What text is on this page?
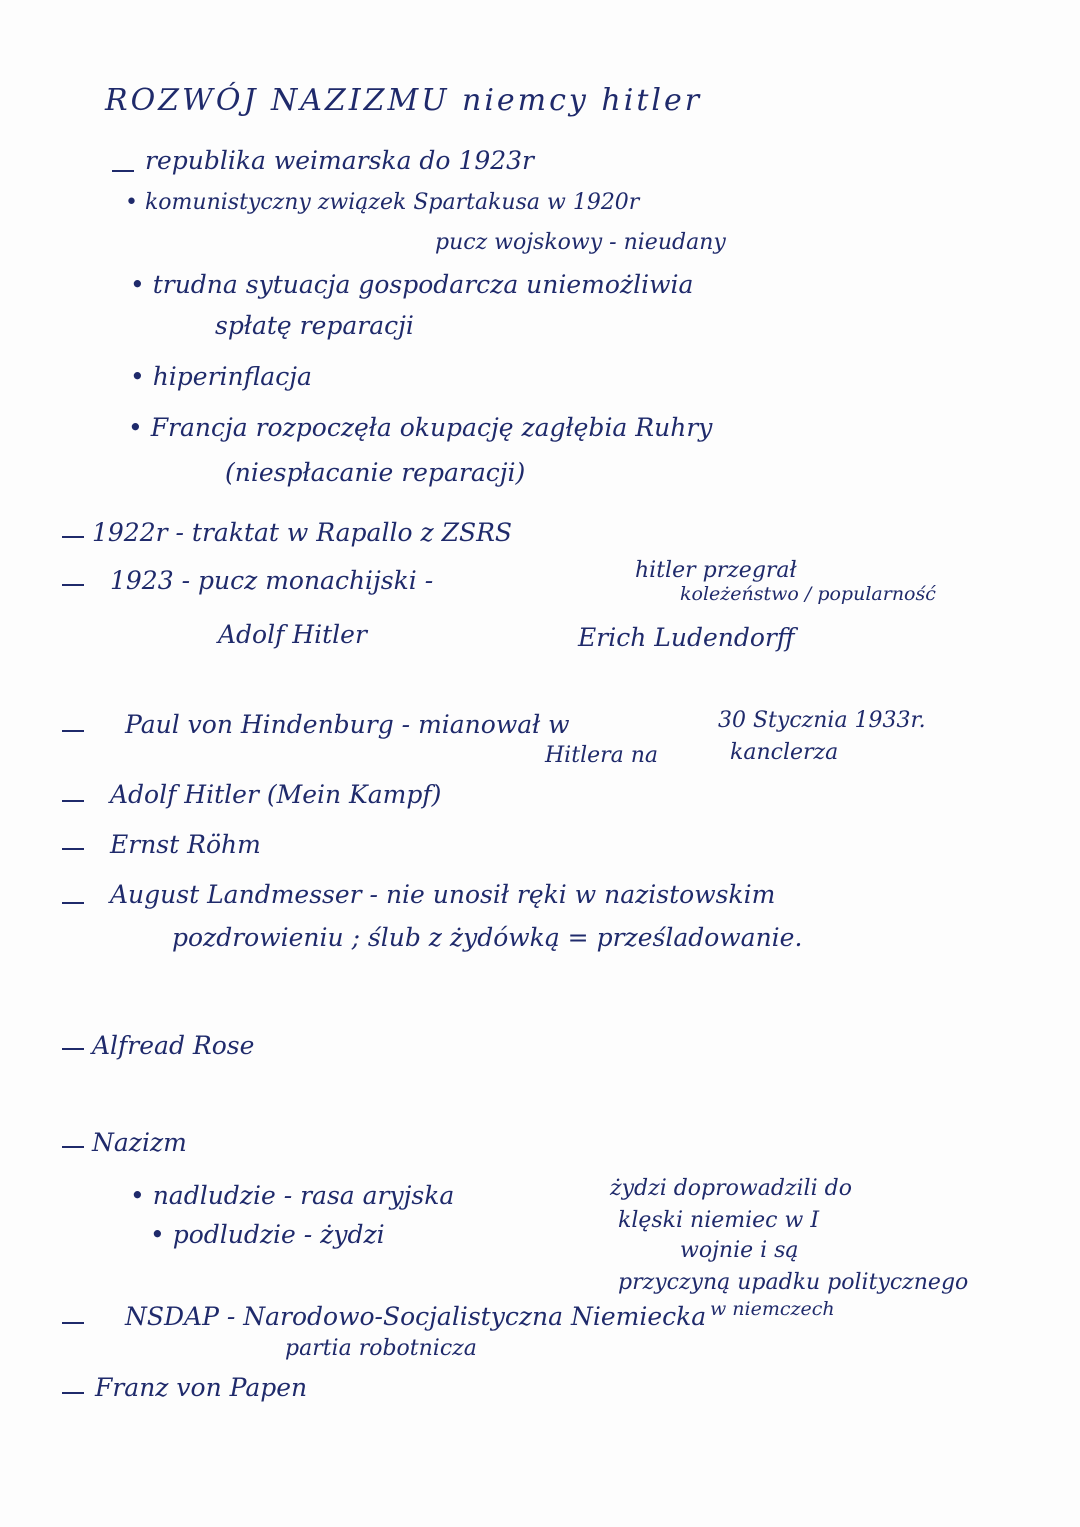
ROZWÓJ NAZIZMU niemcy hitler
republika weimarska do 1923r
• komunistyczny związek Spartakusa w 1920r
pucz wojskowy - nieudany
• trudna sytuacja gospodarcza uniemożliwia
spłatę reparacji
• hiperinflacja
• Francja rozpoczęła okupację zagłębia Ruhry
(niespłacanie reparacji)
1922r - traktat w Rapallo z ZSRS
1923 - pucz monachijski -	hitler przegrał
koleżeństwo / popularność
Adolf Hitler	Erich Ludendorff
Paul von Hindenburg - mianował w	30 Stycznia 1933r.
Hitlera na	kanclerza
Adolf Hitler (Mein Kampf)
Ernst Röhm
August Landmesser - nie unosił ręki w nazistowskim
pozdrowieniu ; ślub z żydówką = prześladowanie.
Alfread Rose
Nazizm
• nadludzie - rasa aryjska
• podludzie - żydzi
żydzi doprowadzili do
klęski niemiec w I
wojnie i są
przyczyną upadku politycznego
w niemczech
NSDAP - Narodowo-Socjalistyczna Niemiecka
partia robotnicza
Franz von Papen
